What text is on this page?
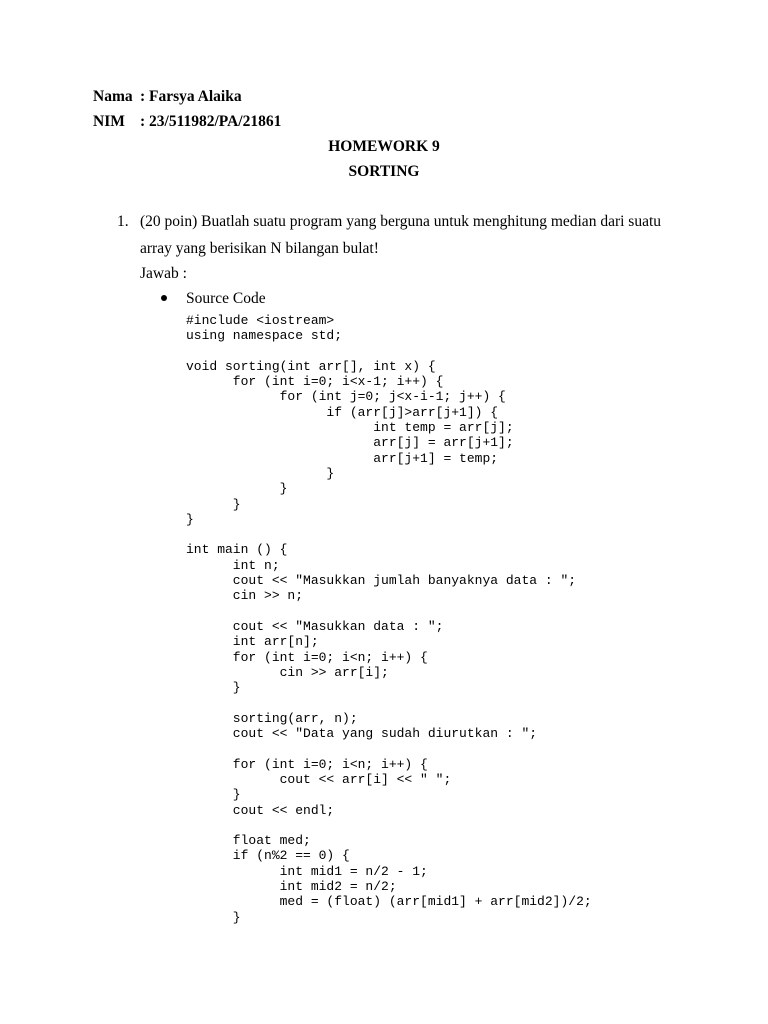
Nama : Farsya Alaika
NIM : 23/511982/PA/21861
HOMEWORK 9
SORTING
1. (20 poin) Buatlah suatu program yang berguna untuk menghitung median dari suatu
array yang berisikan N bilangan bulat!
Jawab :
Source Code
#include <iostream>
using namespace std;
void sorting(int arr[], int x) {
for (int i=0; i<x-1; i++) {
for (int j=0; j<x-i-1; j++) {
if (arr[j]>arr[j+1]) {
int temp = arr[j];
arr[j] = arr[j+1];
arr[j+1] = temp;
}
}
}
}
int main () {
int n;
cout << "Masukkan jumlah banyaknya data : ";
cin >> n;
cout << "Masukkan data : ";
int arr[n];
for (int i=0; i<n; i++) {
cin >> arr[i];
}
sorting(arr, n);
cout << "Data yang sudah diurutkan : ";
for (int i=0; i<n; i++) {
cout << arr[i] << " ";
}
cout << endl;
float med;
if (n%2 == 0) {
int mid1 = n/2 - 1;
int mid2 = n/2;
med = (float) (arr[mid1] + arr[mid2])/2;
}
